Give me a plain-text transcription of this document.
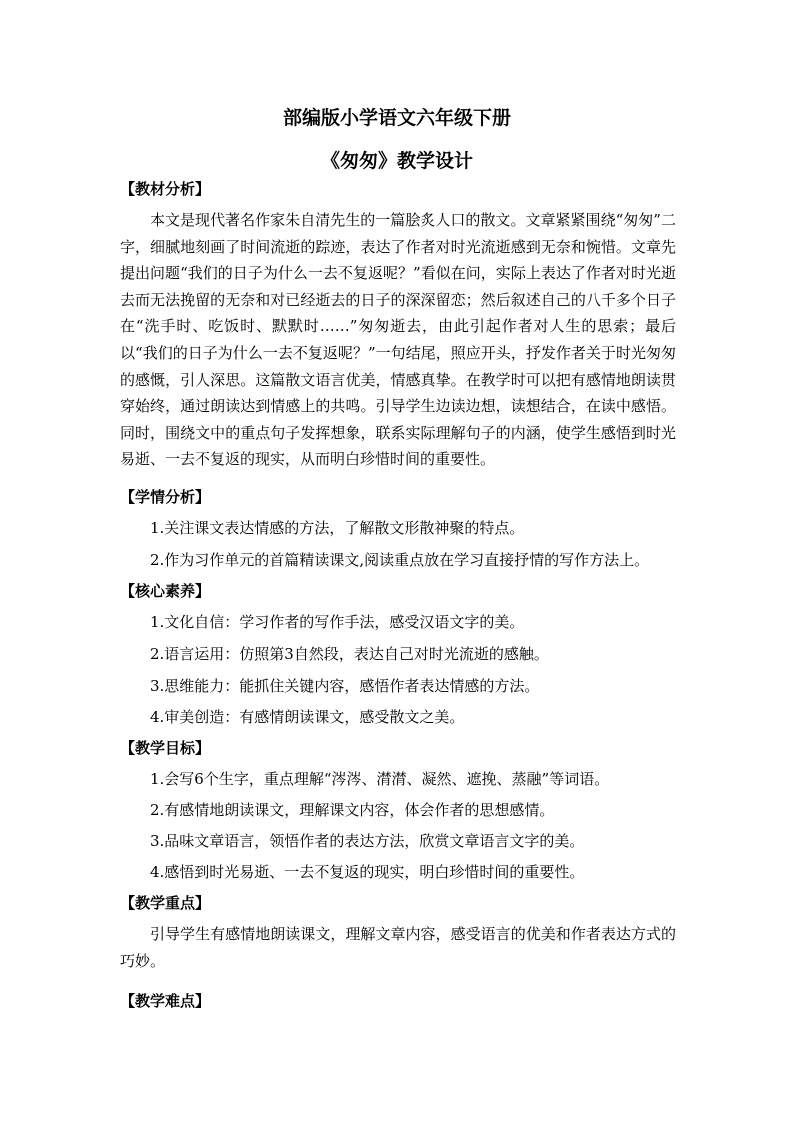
部编版小学语文六年级下册
《匆匆》教学设计

【教材分析】

本文是现代著名作家朱自清先生的一篇脍炙人口的散文。文章紧紧围绕“匆匆”二字，细腻地刻画了时间流逝的踪迹，表达了作者对时光流逝感到无奈和惋惜。文章先提出问题“我们的日子为什么一去不复返呢？”看似在问，实际上表达了作者对时光逝去而无法挽留的无奈和对已经逝去的日子的深深留恋；然后叙述自己的八千多个日子在“洗手时、吃饭时、默默时……”匆匆逝去，由此引起作者对人生的思索；最后以“我们的日子为什么一去不复返呢？”一句结尾，照应开头，抒发作者关于时光匆匆的感慨，引人深思。这篇散文语言优美，情感真挚。在教学时可以把有感情地朗读贯穿始终，通过朗读达到情感上的共鸣。引导学生边读边想，读想结合，在读中感悟。同时，围绕文中的重点句子发挥想象，联系实际理解句子的内涵，使学生感悟到时光易逝、一去不复返的现实，从而明白珍惜时间的重要性。

【学情分析】

1.关注课文表达情感的方法，了解散文形散神聚的特点。

2.作为习作单元的首篇精读课文,阅读重点放在学习直接抒情的写作方法上。

【核心素养】

1.文化自信：学习作者的写作手法，感受汉语文字的美。

2.语言运用：仿照第3自然段，表达自己对时光流逝的感触。

3.思维能力：能抓住关键内容，感悟作者表达情感的方法。

4.审美创造：有感情朗读课文，感受散文之美。

【教学目标】

1.会写6个生字，重点理解“涔涔、潸潸、凝然、遮挽、蒸融”等词语。

2.有感情地朗读课文，理解课文内容，体会作者的思想感情。

3.品味文章语言，领悟作者的表达方法，欣赏文章语言文字的美。

4.感悟到时光易逝、一去不复返的现实，明白珍惜时间的重要性。

【教学重点】

引导学生有感情地朗读课文，理解文章内容，感受语言的优美和作者表达方式的巧妙。

【教学难点】
